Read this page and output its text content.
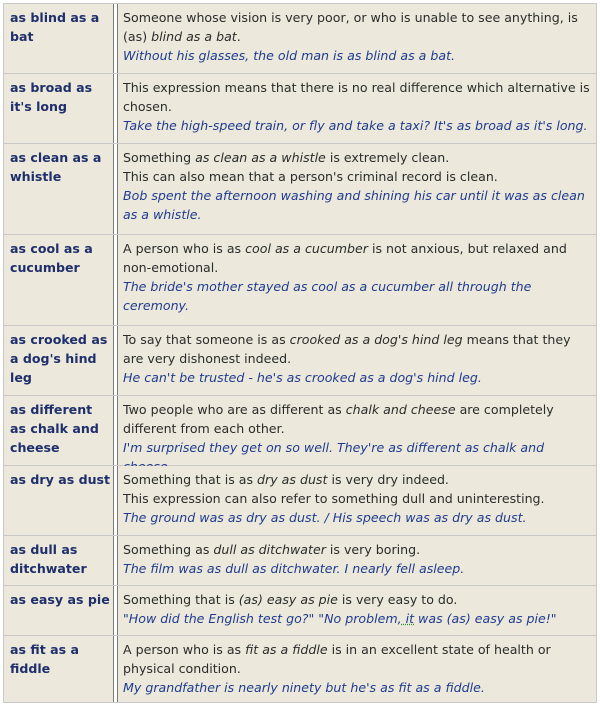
as blind as a bat
Someone whose vision is very poor, or who is unable to see anything, is (as) blind as a bat.
Without his glasses, the old man is as blind as a bat.
as broad as it's long
This expression means that there is no real difference which alternative is chosen.
Take the high-speed train, or fly and take a taxi? It's as broad as it's long.
as clean as a whistle
Something as clean as a whistle is extremely clean.
This can also mean that a person's criminal record is clean.
Bob spent the afternoon washing and shining his car until it was as clean as a whistle.
as cool as a cucumber
A person who is as cool as a cucumber is not anxious, but relaxed and non-emotional.
The bride's mother stayed as cool as a cucumber all through the ceremony.
as crooked as a dog's hind leg
To say that someone is as crooked as a dog's hind leg means that they are very dishonest indeed.
He can't be trusted - he's as crooked as a dog's hind leg.
as different as chalk and cheese
Two people who are as different as chalk and cheese are completely different from each other.
I'm surprised they get on so well. They're as different as chalk and
as dry as dust	Something that is as dry as dust is very dry indeed.
This expression can also refer to something dull and uninteresting.
The ground was as dry as dust. / His speech was as dry as dust.
as dull as ditchwater
Something as dull as ditchwater is very boring.
The film was as dull as ditchwater. I nearly fell asleep.
as easy as pie	Something that is (as) easy as pie is very easy to do.
"How did the English test go?" "No problem, it was (as) easy as pie!"
as fit as a fiddle
A person who is as fit as a fiddle is in an excellent state of health or physical condition.
My grandfather is nearly ninety but he's as fit as a fiddle.
